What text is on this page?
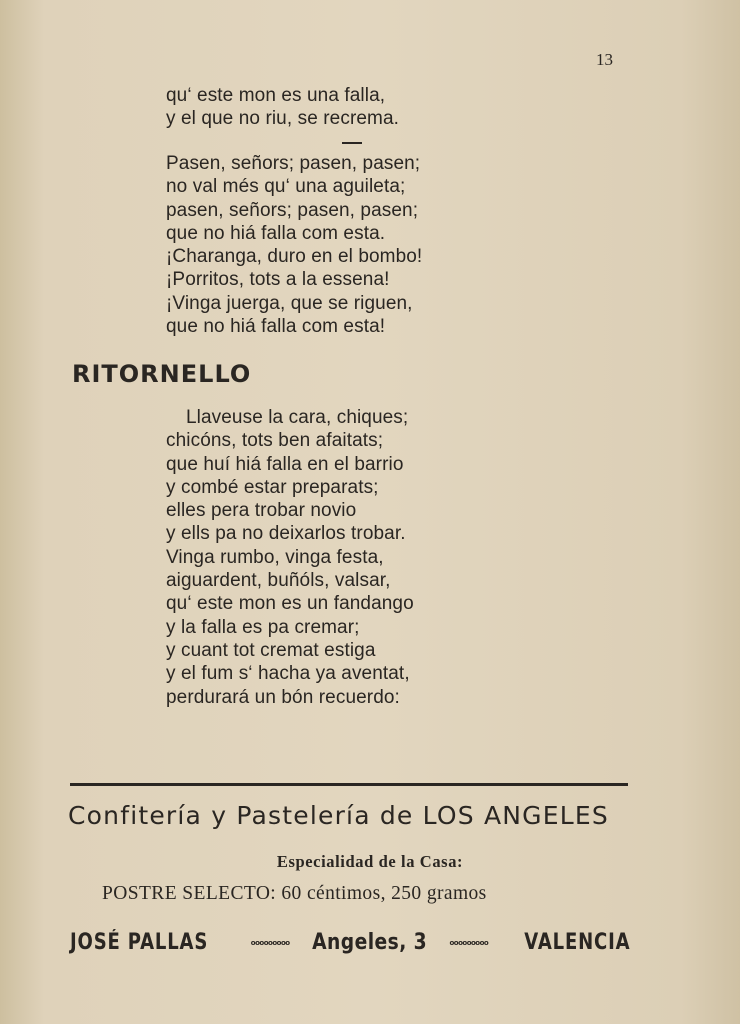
13
qu‘ este mon es una falla,
y el que no riu, se recrema.
Pasen, señors; pasen, pasen;
no val més qu‘ una aguileta;
pasen, señors; pasen, pasen;
que no hiá falla com esta.
¡Charanga, duro en el bombo!
¡Porritos, tots a la essena!
¡Vinga juerga, que se riguen,
que no hiá falla com esta!
RITORNELLO
Llaveuse la cara, chiques;
chicóns, tots ben afaitats;
que huí hiá falla en el barrio
y combé estar preparats;
elles pera trobar novio
y ells pa no deixarlos trobar.
Vinga rumbo, vinga festa,
aiguardent, buñóls, valsar,
qu‘ este mon es un fandango
y la falla es pa cremar;
y cuant tot cremat estiga
y el fum s‘ hacha ya aventat,
perdurará un bón recuerdo:
Confitería y Pastelería de LOS ANGELES
Especialidad de la Casa:
POSTRE SELECTO: 60 céntimos, 250 gramos
JOSÉ PALLAS	ooooooooo Angeles, 3	ooooooooo VALENCIA
